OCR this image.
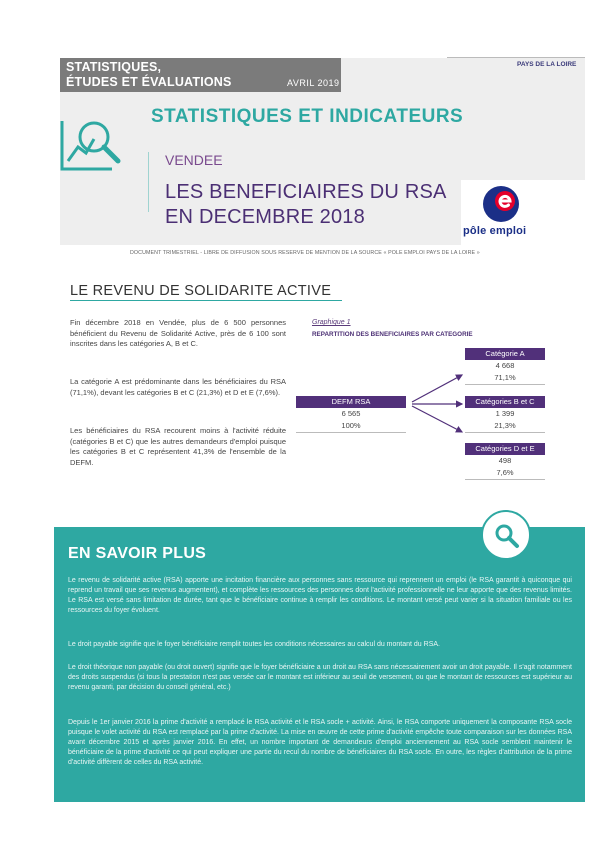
STATISTIQUES,
ÉTUDES ET ÉVALUATIONS	AVRIL 2019
PAYS DE LA LOIRE
STATISTIQUES ET INDICATEURS
VENDEE
LES BENEFICIAIRES DU RSA
EN DECEMBRE 2018
pôle emploi
DOCUMENT TRIMESTRIEL - LIBRE DE DIFFUSION SOUS RESERVE DE MENTION DE LA SOURCE « POLE EMPLOI PAYS DE LA LOIRE »
LE REVENU DE SOLIDARITE ACTIVE

Fin décembre 2018 en Vendée, plus de 6 500 personnes bénéficient du Revenu de Solidarité Active, près de 6 100 sont inscrites dans les catégories A, B et C.

La catégorie A est prédominante dans les bénéficiaires du RSA (71,1%), devant les catégories B et C (21,3%) et D et E (7,6%).

Les bénéficiaires du RSA recourent moins à l'activité réduite (catégories B et C) que les autres demandeurs d'emploi puisque les catégories B et C représentent 41,3% de l'ensemble de la DEFM.

Graphique 1
REPARTITION DES BENEFICIAIRES PAR CATEGORIE
DEFM RSA
6 565
100%
Catégorie A
4 668
71,1%
Catégories B et C
1 399
21,3%
Catégories D et E
498
7,6%
EN SAVOIR PLUS

Le revenu de solidarité active (RSA) apporte une incitation financière aux personnes sans ressource qui reprennent un emploi (le RSA garantit à quiconque qui reprend un travail que ses revenus augmentent), et complète les ressources des personnes dont l'activité professionnelle ne leur apporte que des revenus limités. Le RSA est versé sans limitation de durée, tant que le bénéficiaire continue à remplir les conditions. Le montant versé peut varier si la situation familiale ou les ressources du foyer évoluent.

Le droit payable signifie que le foyer bénéficiaire remplit toutes les conditions nécessaires au calcul du montant du RSA.

Le droit théorique non payable (ou droit ouvert) signifie que le foyer bénéficiaire a un droit au RSA sans nécessairement avoir un droit payable. Il s'agit notamment des droits suspendus (si tous la prestation n'est pas versée car le montant est inférieur au seuil de versement, ou que le montant de ressources est supérieur au revenu garanti, par décision du conseil général, etc.)

Depuis le 1er janvier 2016 la prime d'activité a remplacé le RSA activité et le RSA socle + activité. Ainsi, le RSA comporte uniquement la composante RSA socle puisque le volet activité du RSA est remplacé par la prime d'activité. La mise en œuvre de cette prime d'activité empêche toute comparaison sur les données RSA avant décembre 2015 et après janvier 2016. En effet, un nombre important de demandeurs d'emploi anciennement au RSA socle semblent maintenir le bénéficiaire de la prime d'activité ce qui peut expliquer une partie du recul du nombre de bénéficiaires du RSA socle. En outre, les règles d'attribution de la prime d'activité diffèrent de celles du RSA activité.
